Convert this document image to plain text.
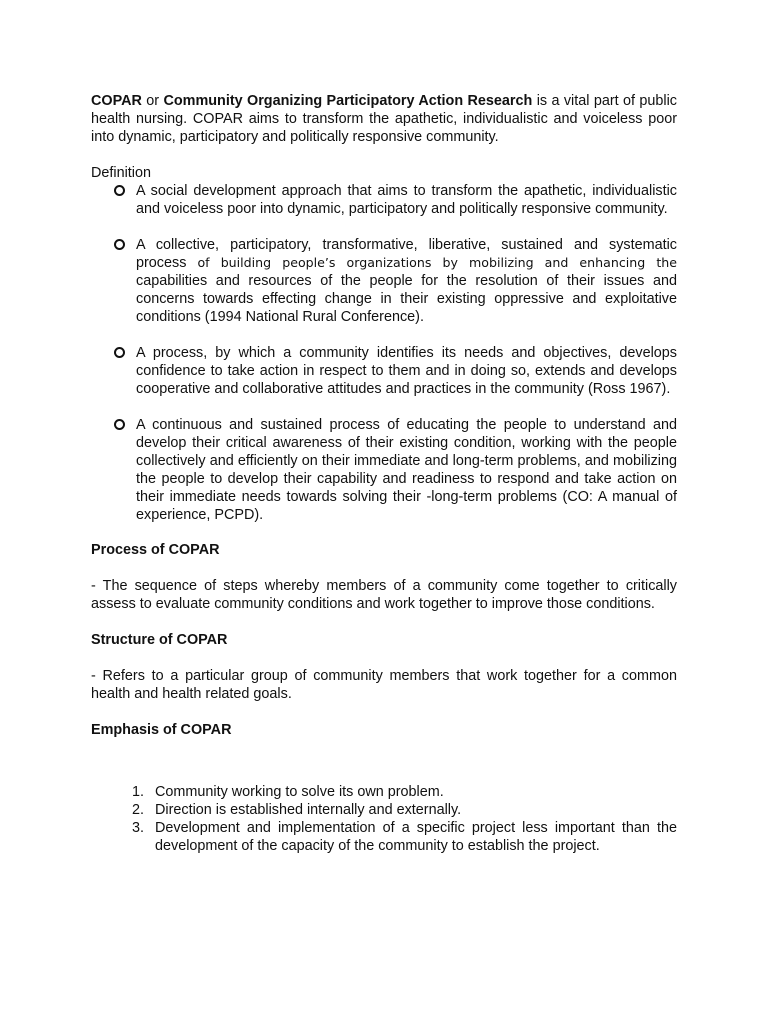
COPAR or Community Organizing Participatory Action Research is a vital part of public health nursing. COPAR aims to transform the apathetic, individualistic and voiceless poor into dynamic, participatory and politically responsive community.

Definition

A social development approach that aims to transform the apathetic, individualistic and voiceless poor into dynamic, participatory and politically responsive community.
A collective, participatory, transformative, liberative, sustained and systematic process of building people’s organizations by mobilizing and enhancing the capabilities and resources of the people for the resolution of their issues and concerns towards effecting change in their existing oppressive and exploitative conditions (1994 National Rural Conference).
A process, by which a community identifies its needs and objectives, develops confidence to take action in respect to them and in doing so, extends and develops cooperative and collaborative attitudes and practices in the community (Ross 1967).
A continuous and sustained process of educating the people to understand and develop their critical awareness of their existing condition, working with the people collectively and efficiently on their immediate and long-term problems, and mobilizing the people to develop their capability and readiness to respond and take action on their immediate needs towards solving their -long-term problems (CO: A manual of experience, PCPD).
Process of COPAR

- The sequence of steps whereby members of a community come together to critically assess to evaluate community conditions and work together to improve those conditions.

Structure of COPAR

- Refers to a particular group of community members that work together for a common health and health related goals.

Emphasis of COPAR
1. Community working to solve its own problem.
2. Direction is established internally and externally.
3. Development and implementation of a specific project less important than the development of the capacity of the community to establish the project.
